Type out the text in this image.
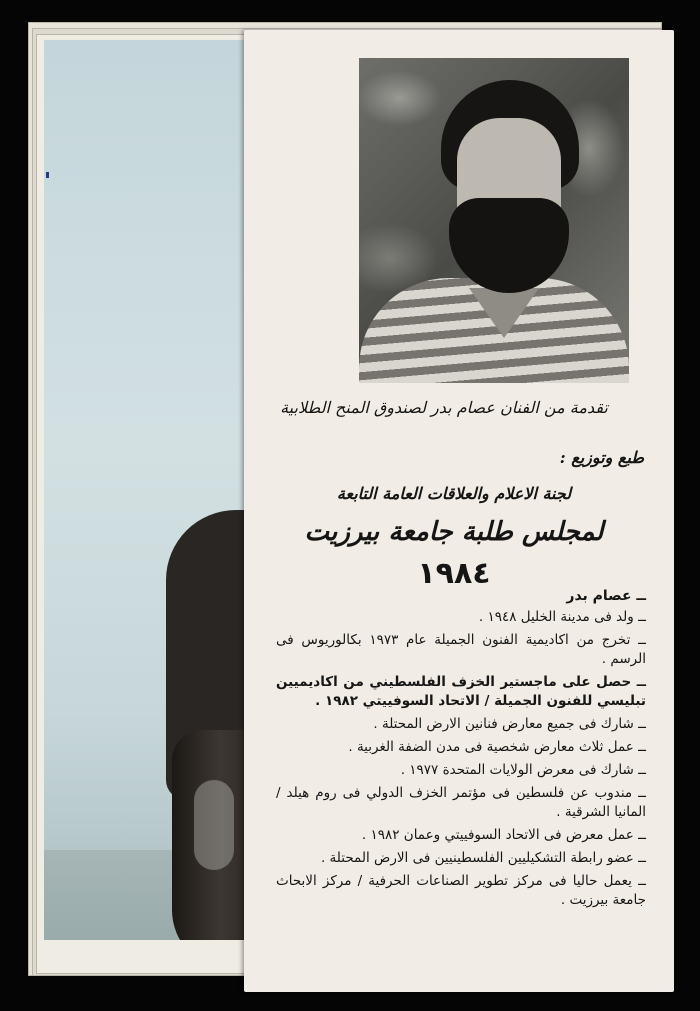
تقدمة من الفنان عصام بدر لصندوق المنح الطلابية

طبع وتوزيع :

لجنة الاعلام والعلاقات العامة التابعة

لمجلس طلبة جامعة بيرزيت

١٩٨٤

ــ عصام بدر
ــ ولد فى مدينة الخليل ١٩٤٨ .
ــ تخرج من اكاديمية الفنون الجميلة عام ١٩٧٣ بكالوريوس فى الرسم .
ــ حصل على ماجستير الخزف الفلسطيني من اكاديميين تبليسي للفنون الجميلة / الاتحاد السوفييتي ١٩٨٢ .
ــ شارك فى جميع معارض فنانين الارض المحتلة .
ــ عمل ثلاث معارض شخصية فى مدن الضفة الغربية .
ــ شارك فى معرض الولايات المتحدة ١٩٧٧ .
ــ مندوب عن فلسطين فى مؤتمر الخزف الدولي فى روم هيلد / المانيا الشرقية .
ــ عمل معرض فى الاتحاد السوفييتي وعمان ١٩٨٢ .
ــ عضو رابطة التشكيليين الفلسطينيين فى الارض المحتلة .
ــ يعمل حاليا فى مركز تطوير الصناعات الحرفية / مركز الابحاث جامعة بيرزيت .
